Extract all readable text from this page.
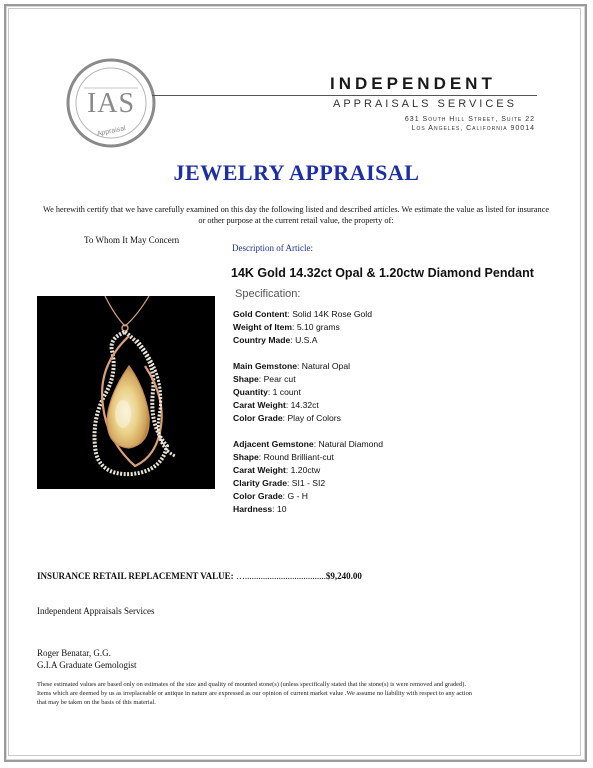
IAS
Appraisal
INDEPENDENT
APPRAISALS SERVICES
631 South Hill Street, Suite 22
Los Angeles, California 90014
JEWELRY APPRAISAL
We herewith certify that we have carefully examined on this day the following listed and described articles. We estimate the value as listed for insurance or other purpose at the current retail value, the property of:
To Whom It May Concern
Description of Article:
14K Gold 14.32ct Opal & 1.20ctw Diamond Pendant
Specification:
Gold Content: Solid 14K Rose Gold
Weight of Item: 5.10 grams
Country Made: U.S.A
Main Gemstone: Natural Opal
Shape: Pear cut
Quantity: 1 count
Carat Weight: 14.32ct
Color Grade: Play of Colors
Adjacent Gemstone: Natural Diamond
Shape: Round Brilliant-cut
Carat Weight: 1.20ctw
Clarity Grade: SI1 - SI2
Color Grade: G - H
Hardness: 10
INSURANCE RETAIL REPLACEMENT VALUE: …....................................$9,240.00
Independent Appraisals Services
Roger Benatar, G.G.
G.I.A Graduate Gemologist
These estimated values are based only on estimates of the size and quality of mounted stone(s) (unless specifically stated that the stone(s) is were removed and graded). Items which are deemed by us as irreplaceable or antique in nature are expressed as our opinion of current market value .We assume no liability with respect to any action that may be taken on the basis of this material.
